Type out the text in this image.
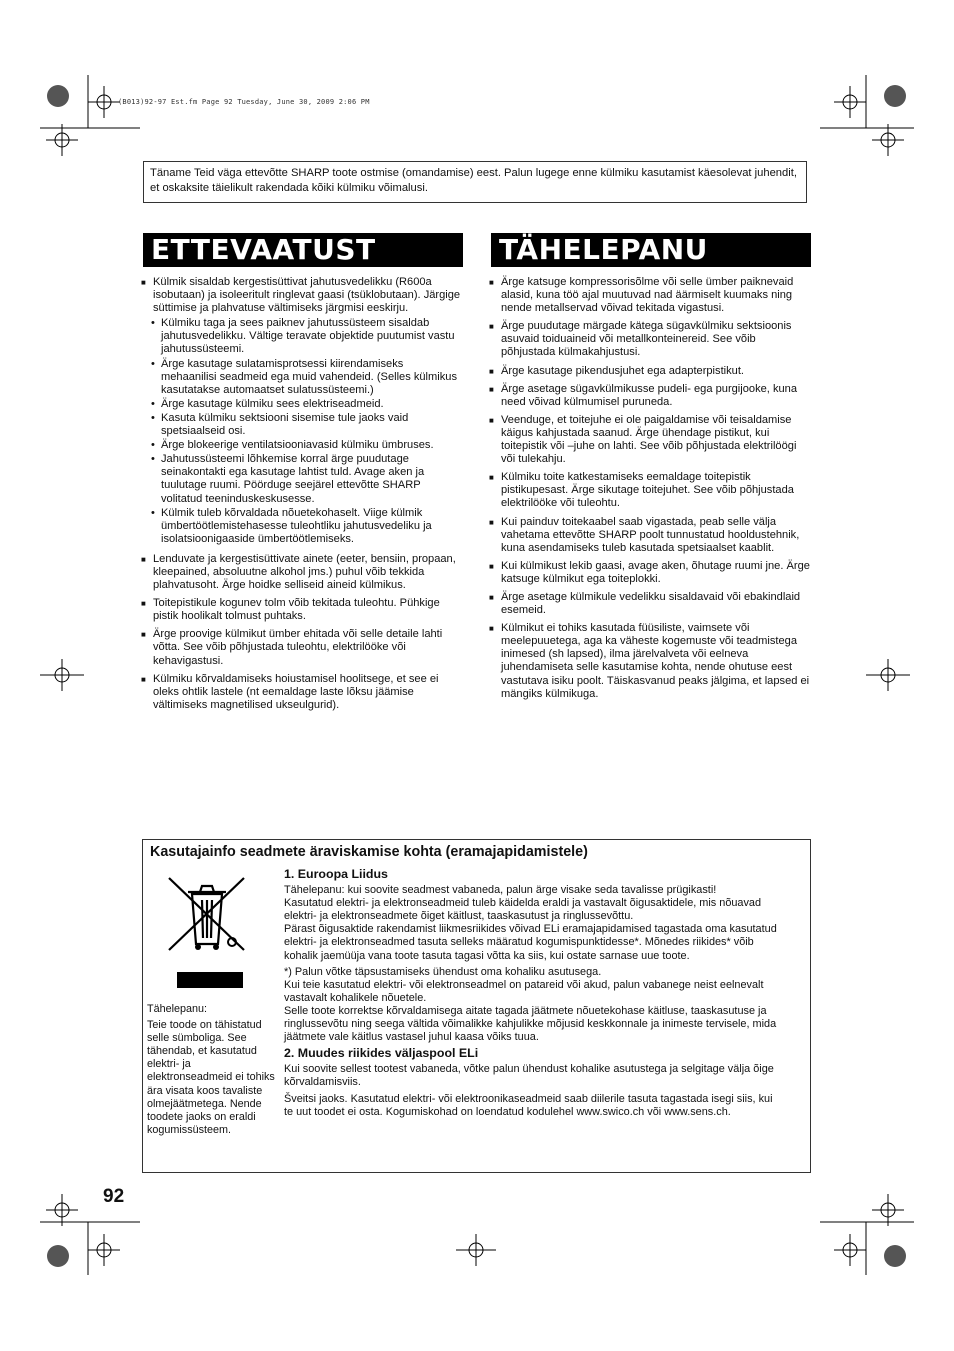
(B013)92-97 Est.fm Page 92 Tuesday, June 30, 2009 2:06 PM
Täname Teid väga ettevõtte SHARP toote ostmise (omandamise) eest. Palun lugege enne külmiku kasutamist käesolevat juhendit, et oskaksite täielikult rakendada kõiki külmiku võimalusi.
ETTEVAATUST	TÄHELEPANU
■ Külmik sisaldab kergestisüttivat jahutusvedelikku (R600a isobutaan) ja isoleeritult ringlevat gaasi (tsüklobutaan). Järgige süttimise ja plahvatuse vältimiseks järgmisi eeskirju.
• Külmiku taga ja sees paiknev jahutussüsteem sisaldab jahutusvedelikku. Vältige teravate objektide puutumist vastu jahutussüsteemi.
• Ärge kasutage sulatamisprotsessi kiirendamiseks mehaanilisi seadmeid ega muid vahendeid. (Selles külmikus kasutatakse automaatset sulatussüsteemi.)
• Ärge kasutage külmiku sees elektriseadmeid.
• Kasuta külmiku sektsiooni sisemise tule jaoks vaid spetsiaalseid osi.
• Ärge blokeerige ventilatsiooniavasid külmiku ümbruses.
• Jahutussüsteemi lõhkemise korral ärge puudutage seinakontakti ega kasutage lahtist tuld. Avage aken ja tuulutage ruumi. Pöörduge seejärel ettevõtte SHARP volitatud teeninduskeskusesse.
• Külmik tuleb kõrvaldada nõuetekohaselt. Viige külmik ümbertöötlemistehasesse tuleohtliku jahutusvedeliku ja isolatsioonigaaside ümbertöötlemiseks.
■ Lenduvate ja kergestisüttivate ainete (eeter, bensiin, propaan, kleepained, absoluutne alkohol jms.) puhul võib tekkida plahvatusoht. Ärge hoidke selliseid aineid külmikus.
■ Toitepistikule kogunev tolm võib tekitada tuleohtu. Pühkige pistik hoolikalt tolmust puhtaks.
■ Ärge proovige külmikut ümber ehitada või selle detaile lahti võtta. See võib põhjustada tuleohtu, elektrilööke või kehavigastusi.
■ Külmiku kõrvaldamiseks hoiustamisel hoolitsege, et see ei oleks ohtlik lastele (nt eemaldage laste lõksu jäämise vältimiseks magnetilised ukseulgurid).
■ Ärge katsuge kompressorisõlme või selle ümber paiknevaid alasid, kuna töö ajal muutuvad nad äärmiselt kuumaks ning nende metallservad võivad tekitada vigastusi.
■ Ärge puudutage märgade kätega sügavkülmiku sektsioonis asuvaid toiduaineid või metallkonteinereid. See võib põhjustada külmakahjustusi.
■ Ärge kasutage pikendusjuhet ega adapterpistikut.
■ Ärge asetage sügavkülmikusse pudeli- ega purgijooke, kuna need võivad külmumisel puruneda.
■ Veenduge, et toitejuhe ei ole paigaldamise või teisaldamise käigus kahjustada saanud. Ärge ühendage pistikut, kui toitepistik või –juhe on lahti. See võib põhjustada elektrilöögi või tulekahju.
■ Külmiku toite katkestamiseks eemaldage toitepistik pistikupesast. Ärge sikutage toitejuhet. See võib põhjustada elektrilööke või tuleohtu.
■ Kui painduv toitekaabel saab vigastada, peab selle välja vahetama ettevõtte SHARP poolt tunnustatud hooldustehnik, kuna asendamiseks tuleb kasutada spetsiaalset kaablit.
■ Kui külmikust lekib gaasi, avage aken, õhutage ruumi jne. Ärge katsuge külmikut ega toiteplokki.
■ Ärge asetage külmikule vedelikku sisaldavaid või ebakindlaid esemeid.
■ Külmikut ei tohiks kasutada füüsiliste, vaimsete või meelepuuetega, aga ka väheste kogemuste või teadmistega inimesed (sh lapsed), ilma järelvalveta või eelneva juhendamiseta selle kasutamise kohta, nende ohutuse eest vastutava isiku poolt. Täiskasvanud peaks jälgima, et lapsed ei mängiks külmikuga.
Kasutajainfo seadmete äraviskamise kohta (eramajapidamistele)

Tähelepanu:

Teie toode on tähistatud selle sümboliga. See tähendab, et kasutatud elektri- ja elektronseadmeid ei tohiks ära visata koos tavaliste olmejäätmetega. Nende toodete jaoks on eraldi kogumissüsteem.

1. Euroopa Liidus

Tähelepanu: kui soovite seadmest vabaneda, palun ärge visake seda tavalisse prügikasti!

Kasutatud elektri- ja elektronseadmeid tuleb käidelda eraldi ja vastavalt õigusaktidele, mis nõuavad elektri- ja elektronseadmete õiget käitlust, taaskasutust ja ringlussevõttu.

Pärast õigusaktide rakendamist liikmesriikides võivad ELi eramajapidamised tagastada oma kasutatud elektri- ja elektronseadmed tasuta selleks määratud kogumispunktidesse*. Mõnedes riikides* võib kohalik jaemüüja vana toote tasuta tagasi võtta ka siis, kui ostate sarnase uue toote.

*) Palun võtke täpsustamiseks ühendust oma kohaliku asutusega.

Kui teie kasutatud elektri- või elektronseadmel on patareid või akud, palun vabanege neist eelnevalt vastavalt kohalikele nõuetele.

Selle toote korrektse kõrvaldamisega aitate tagada jäätmete nõuetekohase käitluse, taaskasutuse ja ringlussevõtu ning seega vältida võimalikke kahjulikke mõjusid keskkonnale ja inimeste tervisele, mida jäätmete vale käitlus vastasel juhul kaasa võiks tuua.

2. Muudes riikides väljaspool ELi

Kui soovite sellest tootest vabaneda, võtke palun ühendust kohalike asutustega ja selgitage välja õige kõrvaldamisviis.

Šveitsi jaoks. Kasutatud elektri- või elektroonikaseadmeid saab diilerile tasuta tagastada isegi siis, kui te uut toodet ei osta. Kogumiskohad on loendatud kodulehel www.swico.ch või www.sens.ch.

92
